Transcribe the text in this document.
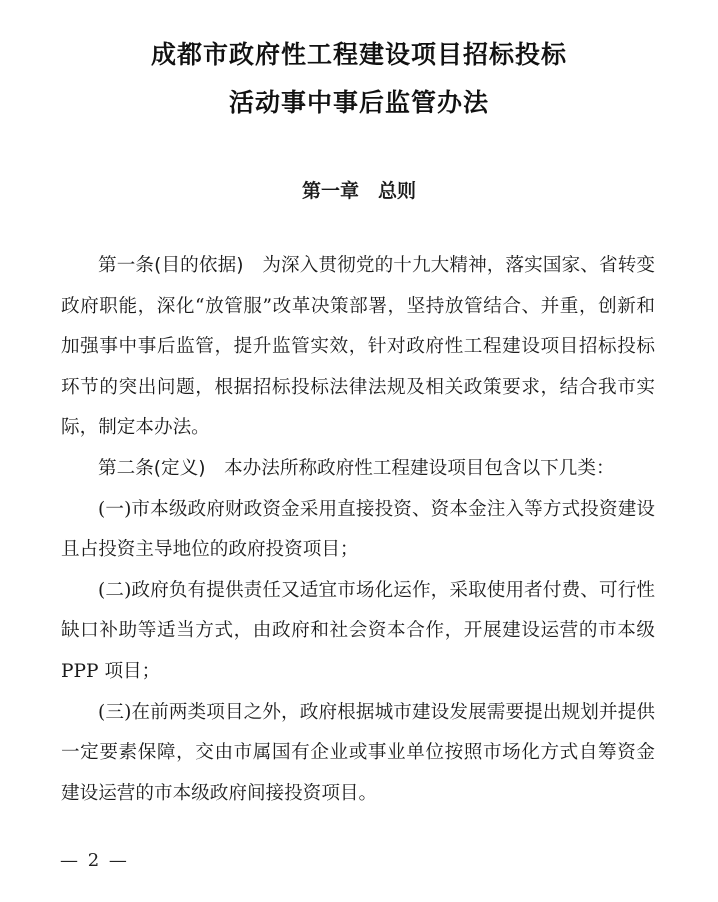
成都市政府性工程建设项目招标投标
活动事中事后监管办法
第一章　总则

第一条(目的依据)　为深入贯彻党的十九大精神，落实国家、省转变政府职能，深化“放管服”改革决策部署，坚持放管结合、并重，创新和加强事中事后监管，提升监管实效，针对政府性工程建设项目招标投标环节的突出问题，根据招标投标法律法规及相关政策要求，结合我市实际，制定本办法。

第二条(定义)　本办法所称政府性工程建设项目包含以下几类：

(一)市本级政府财政资金采用直接投资、资本金注入等方式投资建设且占投资主导地位的政府投资项目；

(二)政府负有提供责任又适宜市场化运作，采取使用者付费、可行性缺口补助等适当方式，由政府和社会资本合作，开展建设运营的市本级 PPP 项目；

(三)在前两类项目之外，政府根据城市建设发展需要提出规划并提供一定要素保障，交由市属国有企业或事业单位按照市场化方式自筹资金建设运营的市本级政府间接投资项目。

— 2 —
